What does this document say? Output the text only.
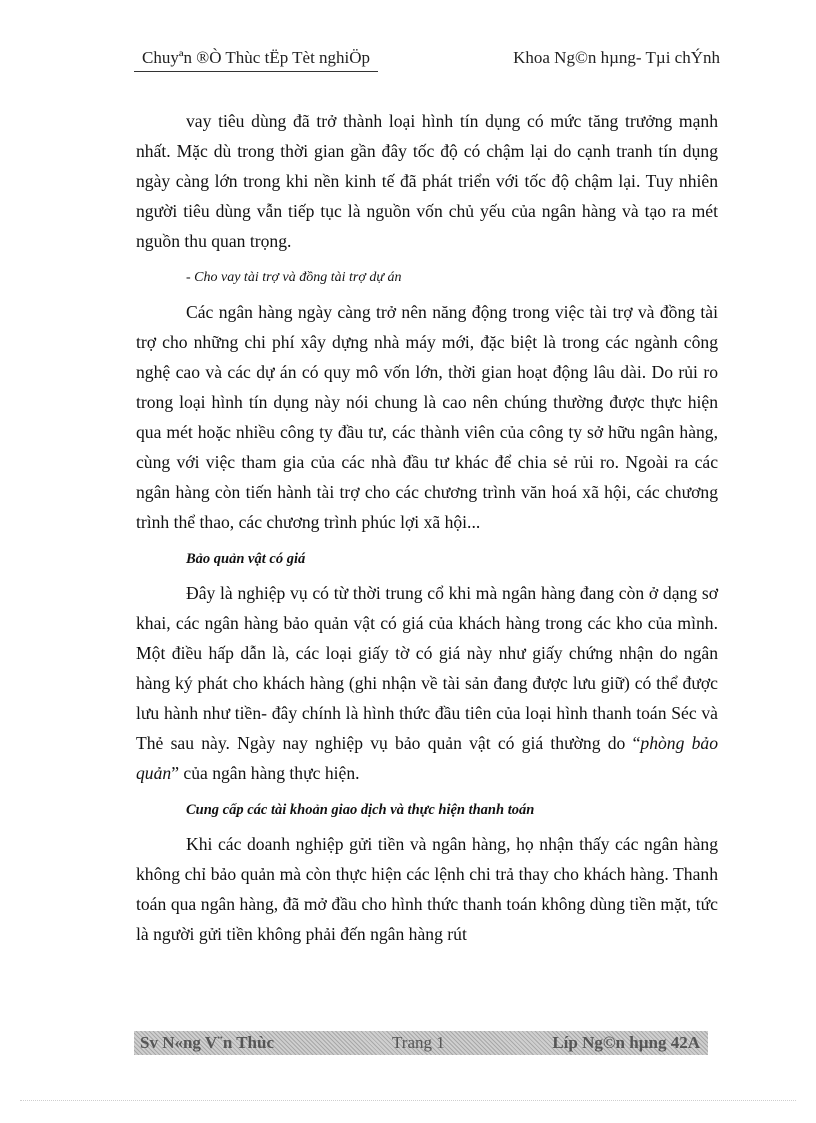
Chuyªn ®Ò Thùc tËp Tèt nghiÖp	Khoa Ng©n hµng- Tµi chÝnh

vay tiêu dùng đã trở thành loại hình tín dụng có mức tăng trưởng mạnh nhất. Mặc dù trong thời gian gần đây tốc độ có chậm lại do cạnh tranh tín dụng ngày càng lớn trong khi nền kinh tế đã phát triển với tốc độ chậm lại. Tuy nhiên người tiêu dùng vẫn tiếp tục là nguồn vốn chủ yếu của ngân hàng và tạo ra mét nguồn thu quan trọng.

- Cho vay tài trợ và đồng tài trợ dự án

Các ngân hàng ngày càng trở nên năng động trong việc tài trợ và đồng tài trợ cho những chi phí xây dựng nhà máy mới, đặc biệt là trong các ngành công nghệ cao và các dự án có quy mô vốn lớn, thời gian hoạt động lâu dài. Do rủi ro trong loại hình tín dụng này nói chung là cao nên chúng thường được thực hiện qua mét hoặc nhiều công ty đầu tư, các thành viên của công ty sở hữu ngân hàng, cùng với việc tham gia của các nhà đầu tư khác để chia sẻ rủi ro. Ngoài ra các ngân hàng còn tiến hành tài trợ cho các chương trình văn hoá xã hội, các chương trình thể thao, các chương trình phúc lợi xã hội...

Bảo quản vật có giá

Đây là nghiệp vụ có từ thời trung cổ khi mà ngân hàng đang còn ở dạng sơ khai, các ngân hàng bảo quản vật có giá của khách hàng trong các kho của mình. Một điều hấp dẫn là, các loại giấy tờ có giá này như giấy chứng nhận do ngân hàng ký phát cho khách hàng (ghi nhận về tài sản đang được lưu giữ) có thể được lưu hành như tiền- đây chính là hình thức đầu tiên của loại hình thanh toán Séc và Thẻ sau này. Ngày nay nghiệp vụ bảo quản vật có giá thường do “phòng bảo quản” của ngân hàng thực hiện.

Cung cấp các tài khoản giao dịch và thực hiện thanh toán

Khi các doanh nghiệp gửi tiền và ngân hàng, họ nhận thấy các ngân hàng không chỉ bảo quản mà còn thực hiện các lệnh chi trả thay cho khách hàng. Thanh toán qua ngân hàng, đã mở đầu cho hình thức thanh toán không dùng tiền mặt, tức là người gửi tiền không phải đến ngân hàng rút

Sv N«ng V¨n Thùc	Trang 1	Líp Ng©n hµng 42A
